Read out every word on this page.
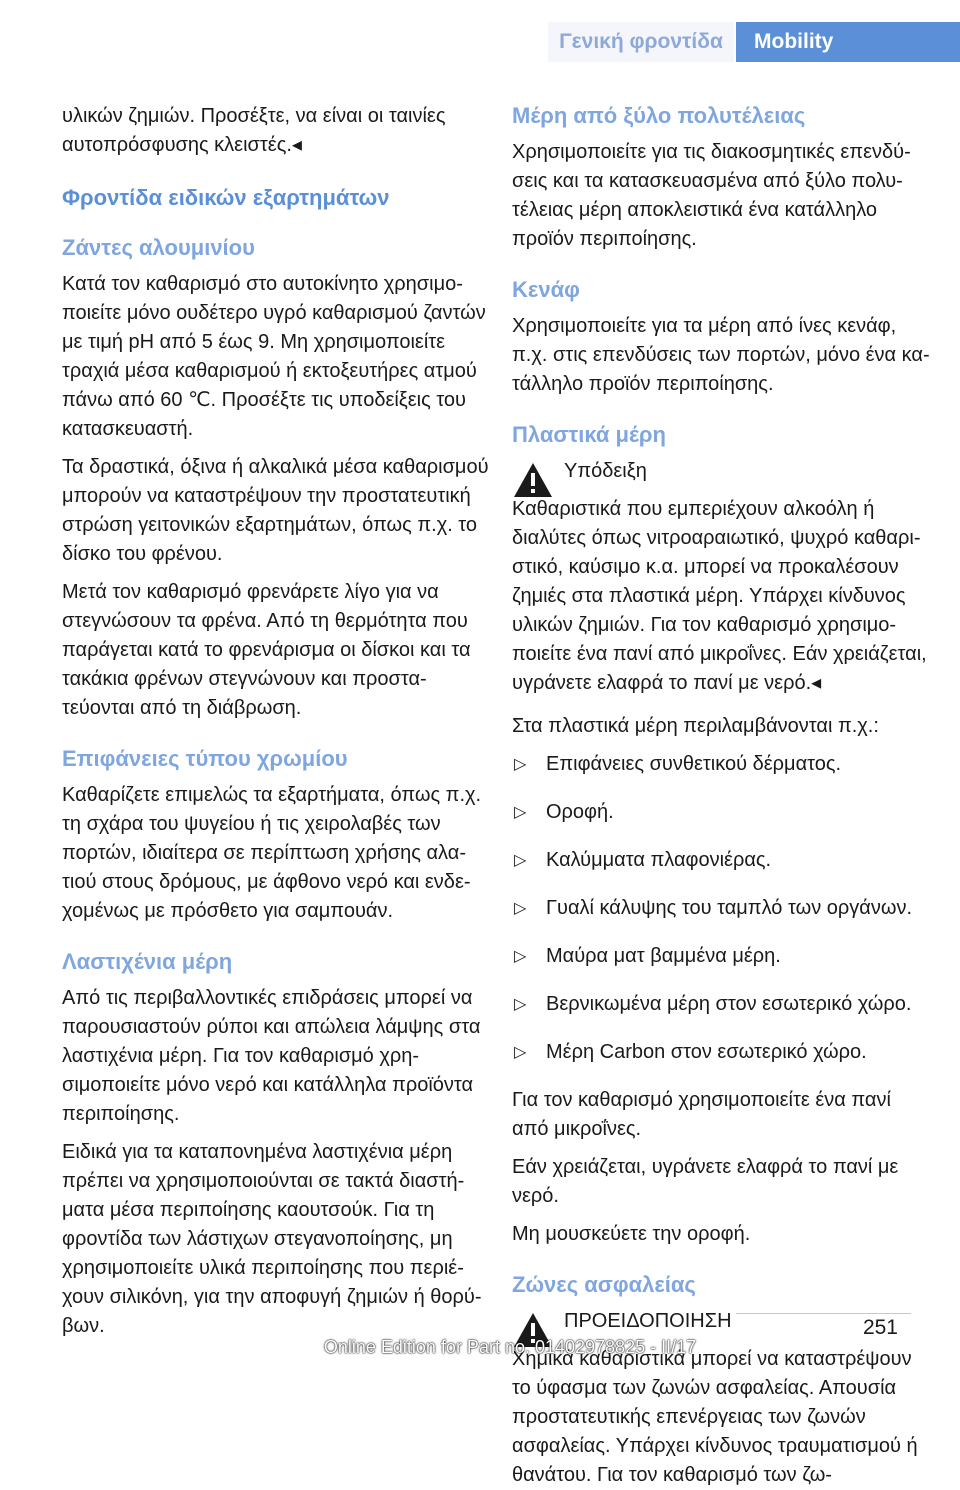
Γενική φροντίδα	Mobility

υλικών ζημιών. Προσέξτε, να είναι οι ταινίες αυτοπρόσφυσης κλειστές.◂

Φροντίδα ειδικών εξαρτημάτων
Ζάντες αλουμινίου

Κατά τον καθαρισμό στο αυτοκίνητο χρησιμοποιείτε μόνο ουδέτερο υγρό καθαρισμού ζαντών με τιμή pH από 5 έως 9. Μη χρησιμοποιείτε τραχιά μέσα καθαρισμού ή εκτοξευτήρες ατμού πάνω από 60 ℃. Προσέξτε τις υποδείξεις του κατασκευαστή.

Τα δραστικά, όξινα ή αλκαλικά μέσα καθαρισμού μπορούν να καταστρέψουν την προστατευτική στρώση γειτονικών εξαρτημάτων, όπως π.χ. το δίσκο του φρένου.

Μετά τον καθαρισμό φρενάρετε λίγο για να στεγνώσουν τα φρένα. Από τη θερμότητα που παράγεται κατά το φρενάρισμα οι δίσκοι και τα τακάκια φρένων στεγνώνουν και προστατεύονται από τη διάβρωση.

Επιφάνειες τύπου χρωμίου

Καθαρίζετε επιμελώς τα εξαρτήματα, όπως π.χ. τη σχάρα του ψυγείου ή τις χειρολαβές των πορτών, ιδιαίτερα σε περίπτωση χρήσης αλατιού στους δρόμους, με άφθονο νερό και ενδεχομένως με πρόσθετο για σαμπουάν.

Λαστιχένια μέρη

Από τις περιβαλλοντικές επιδράσεις μπορεί να παρουσιαστούν ρύποι και απώλεια λάμψης στα λαστιχένια μέρη. Για τον καθαρισμό χρησιμοποιείτε μόνο νερό και κατάλληλα προϊόντα περιποίησης.

Ειδικά για τα καταπονημένα λαστιχένια μέρη πρέπει να χρησιμοποιούνται σε τακτά διαστήματα μέσα περιποίησης καουτσούκ. Για τη φροντίδα των λάστιχων στεγανοποίησης, μη χρησιμοποιείτε υλικά περιποίησης που περιέχουν σιλικόνη, για την αποφυγή ζημιών ή θορύβων.

Μέρη από ξύλο πολυτέλειας

Χρησιμοποιείτε για τις διακοσμητικές επενδύσεις και τα κατασκευασμένα από ξύλο πολυτέλειας μέρη αποκλειστικά ένα κατάλληλο προϊόν περιποίησης.

Κενάφ

Χρησιμοποιείτε για τα μέρη από ίνες κενάφ, π.χ. στις επενδύσεις των πορτών, μόνο ένα κατάλληλο προϊόν περιποίησης.

Πλαστικά μέρη
Υπόδειξη
Καθαριστικά που εμπεριέχουν αλκοόλη ή διαλύτες όπως νιτροαραιωτικό, ψυχρό καθαριστικό, καύσιμο κ.α. μπορεί να προκαλέσουν ζημιές στα πλαστικά μέρη. Υπάρχει κίνδυνος υλικών ζημιών. Για τον καθαρισμό χρησιμοποιείτε ένα πανί από μικροΐνες. Εάν χρειάζεται, υγράνετε ελαφρά το πανί με νερό.◂

Στα πλαστικά μέρη περιλαμβάνονται π.χ.:

▷ Επιφάνειες συνθετικού δέρματος.
▷ Οροφή.
▷ Καλύμματα πλαφονιέρας.
▷ Γυαλί κάλυψης του ταμπλό των οργάνων.
▷ Μαύρα ματ βαμμένα μέρη.
▷ Βερνικωμένα μέρη στον εσωτερικό χώρο.
▷ Μέρη Carbon στον εσωτερικό χώρο.

Για τον καθαρισμό χρησιμοποιείτε ένα πανί από μικροΐνες.

Εάν χρειάζεται, υγράνετε ελαφρά το πανί με νερό.

Μη μουσκεύετε την οροφή.

Ζώνες ασφαλείας
ΠΡΟΕΙΔΟΠΟΙΗΣΗ
Χημικά καθαριστικά μπορεί να καταστρέψουν το ύφασμα των ζωνών ασφαλείας. Απουσία προστατευτικής επενέργειας των ζωνών ασφαλείας. Υπάρχει κίνδυνος τραυματισμού ή θανάτου. Για τον καθαρισμό των ζω-
251
Online Edition for Part no. 01402978825 - II/17
